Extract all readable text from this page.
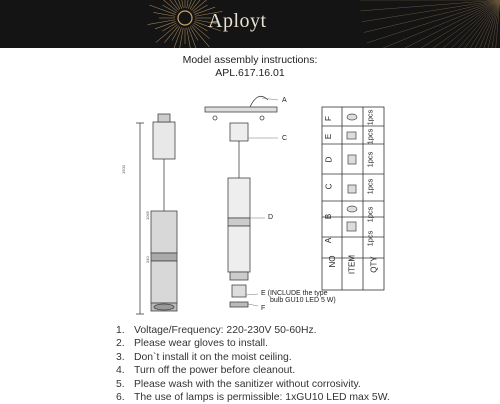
Aployt
Model assembly instructions:
APL.617.16.01
1500
1065
340
A
C
D
E (INCLUDE the type
bulb GU10 LED 5 W)
F
NO ITEM QTY
A
B
C
D
E
F
1pcs
1pcs
1pcs
1pcs
1pcs
1pcs
1. Voltage/Frequency: 220-230V 50-60Hz.
2. Please wear gloves to install.
3. Don`t install it on the moist ceiling.
4. Turn off the power before cleanout.
5. Please wash with the sanitizer without corrosivity.
6. The use of lamps is permissible: 1xGU10 LED max 5W.
